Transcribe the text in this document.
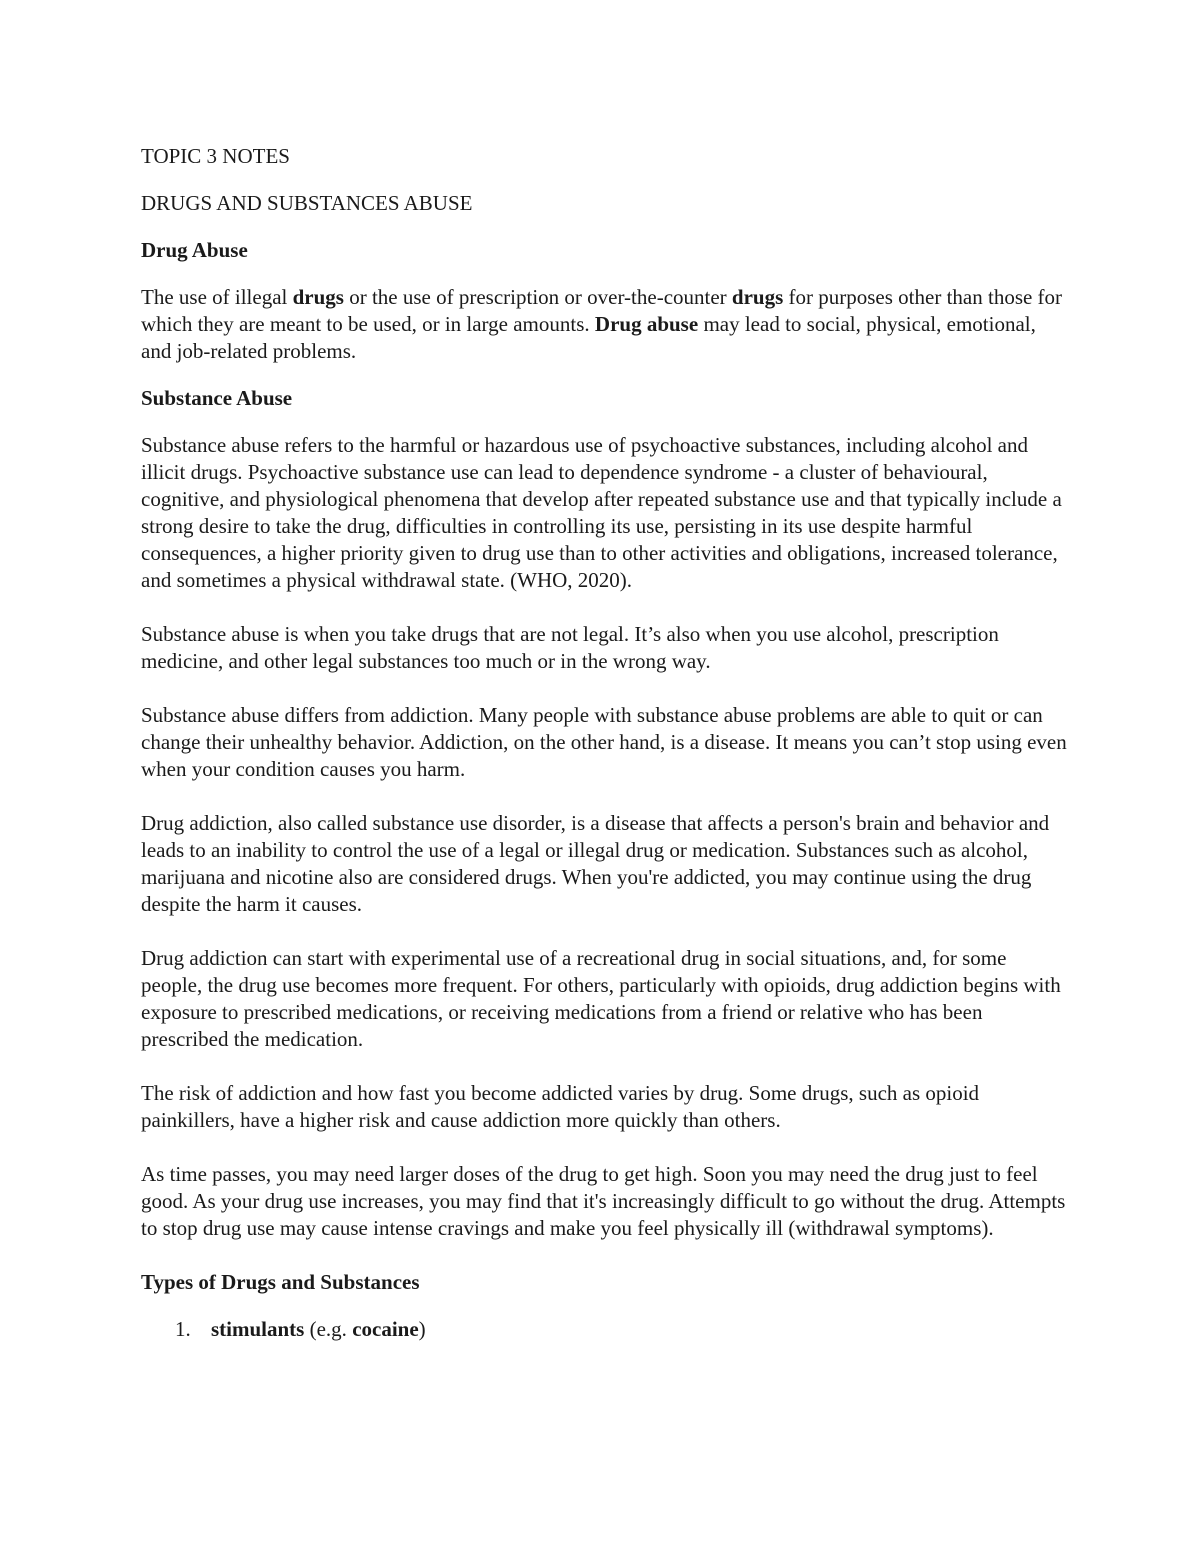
TOPIC 3 NOTES

DRUGS AND SUBSTANCES ABUSE

Drug Abuse

The use of illegal drugs or the use of prescription or over-the-counter drugs for purposes other than those for which they are meant to be used, or in large amounts. Drug abuse may lead to social, physical, emotional, and job-related problems.

Substance Abuse

Substance abuse refers to the harmful or hazardous use of psychoactive substances, including alcohol and illicit drugs. Psychoactive substance use can lead to dependence syndrome - a cluster of behavioural, cognitive, and physiological phenomena that develop after repeated substance use and that typically include a strong desire to take the drug, difficulties in controlling its use, persisting in its use despite harmful consequences, a higher priority given to drug use than to other activities and obligations, increased tolerance, and sometimes a physical withdrawal state. (WHO, 2020).

Substance abuse is when you take drugs that are not legal. It’s also when you use alcohol, prescription medicine, and other legal substances too much or in the wrong way.

Substance abuse differs from addiction. Many people with substance abuse problems are able to quit or can change their unhealthy behavior. Addiction, on the other hand, is a disease. It means you can’t stop using even when your condition causes you harm.

Drug addiction, also called substance use disorder, is a disease that affects a person's brain and behavior and leads to an inability to control the use of a legal or illegal drug or medication. Substances such as alcohol, marijuana and nicotine also are considered drugs. When you're addicted, you may continue using the drug despite the harm it causes.

Drug addiction can start with experimental use of a recreational drug in social situations, and, for some people, the drug use becomes more frequent. For others, particularly with opioids, drug addiction begins with exposure to prescribed medications, or receiving medications from a friend or relative who has been prescribed the medication.

The risk of addiction and how fast you become addicted varies by drug. Some drugs, such as opioid painkillers, have a higher risk and cause addiction more quickly than others.

As time passes, you may need larger doses of the drug to get high. Soon you may need the drug just to feel good. As your drug use increases, you may find that it's increasingly difficult to go without the drug. Attempts to stop drug use may cause intense cravings and make you feel physically ill (withdrawal symptoms).

Types of Drugs and Substances

1. stimulants (e.g. cocaine)
